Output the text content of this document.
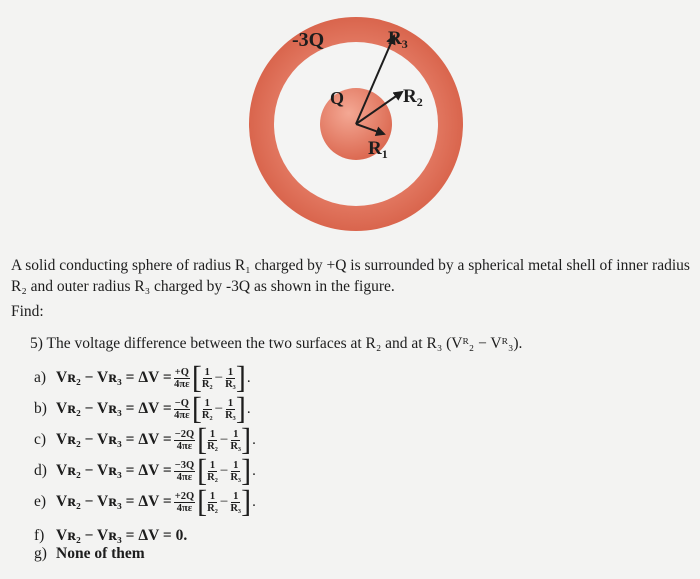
-3Q
Q
$R_3$
$R_2$
$R_1$
A solid conducting sphere of radius R₁ charged by +Q is surrounded by a spherical metal shell of inner radius R₂ and outer radius R₃ charged by -3Q as shown in the figure.
Find:
5) The voltage difference between the two surfaces at R₂ and at R₃ (Vᴿ₂ − Vᴿ₃).
a) Vʀ₂ − Vʀ₃ = $\Delta V = \frac{+Q}{4\pi\varepsilon}$ [ $\frac{1}{\text{R₂}} - \frac{1}{\text{R₃}}$ ] .
b) Vʀ₂ − Vʀ₃ = $\Delta V = \frac{-Q}{4\pi\varepsilon}$ [ $\frac{1}{\text{R₂}} - \frac{1}{\text{R₃}}$ ] .
c) Vʀ₂ − Vʀ₃ = $\Delta V = \frac{-2Q}{4\pi\varepsilon}$ [ $\frac{1}{\text{R₂}} - \frac{1}{\text{R₃}}$ ] .
d) Vʀ₂ − Vʀ₃ = $\Delta V = \frac{-3Q}{4\pi\varepsilon}$ [ $\frac{1}{\text{R₂}} - \frac{1}{\text{R₃}}$ ] .
e) Vʀ₂ − Vʀ₃ = $\Delta V = \frac{+2Q}{4\pi\varepsilon}$ [ $\frac{1}{\text{R₂}} - \frac{1}{\text{R₃}}$ ] .
f) Vʀ₂ − Vʀ₃ = ΔV = 0.
g) None of them
